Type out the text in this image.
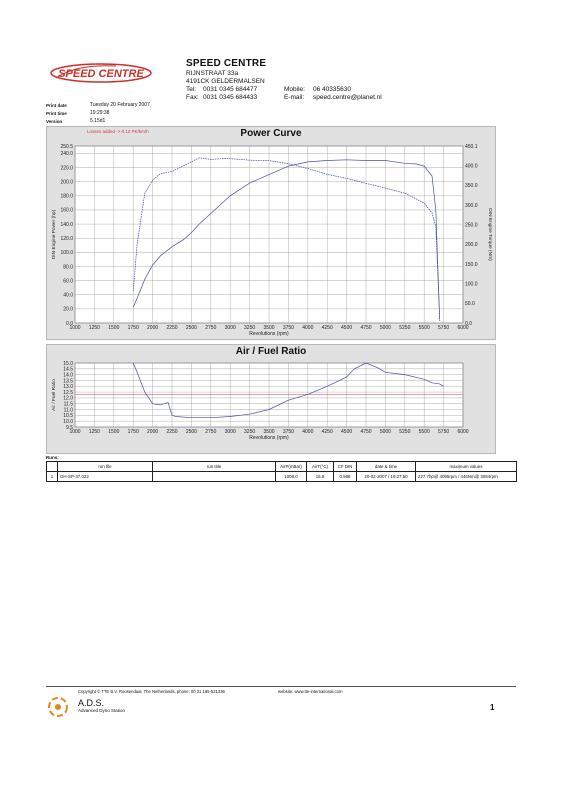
SPEED CENTRE
SPEED CENTRE
RIJNSTRAAT 33a
4191CK GELDERMALSEN
Tel: 0031 0345 684477
Fax: 0031 0345 684433
Mobile: 06 40335630
E-mail: speed.centre@planet.nl
Print date	Tuesday 20 February 2007
Print time	19:29:38
Version	5.15d1
Losses added -> 0.12 PK/km/h	Power Curve
1000 1250 1500 1750 2000 2250 2500 2750 3000 3250 3500 3750 4000 4250 4500 4750 5000 5250 5500 5750 6000
0.0
20.0
40.0
60.0
80.0
100.0
120.0
140.0
160.0
180.0
200.0
220.0
240.0
250.5
0.0
50.0
100.0
150.0
200.0
250.0
300.0
350.0
400.0
450.1
DIN Engine Torque (Nm)
Revolutions (rpm)
DIN Engine Power (hp)
Air / Fuel Ratio
1000 1250 1500 1750 2000 2250 2500 2750 3000 3250 3500 3750 4000 4250 4500 4750 5000 5250 5500 5750 6000
9.5
10.0
10.5
11.0
11.5
12.0
12.5
13.0
13.5
14.0
14.5
15.0
Revolutions (rpm)
Air / Fuel Ratio
Runs:
	run file	run title	AirP(mBar)	AirT(°C)	CF DIN	date & time	maximum values
1	GH-SP-37.022		1008.0	15.9	0.988	20-02-2007 / 19:27:50	227.7hp@ 4095rpm / 446Nm@ 3084rpm
Copyright © TTE B.V. Roosendaal, The Netherlands, phone: 00 31 165-521336	website: www.tte-international.com
A.D.S.
Advanced Dyno Station	1
